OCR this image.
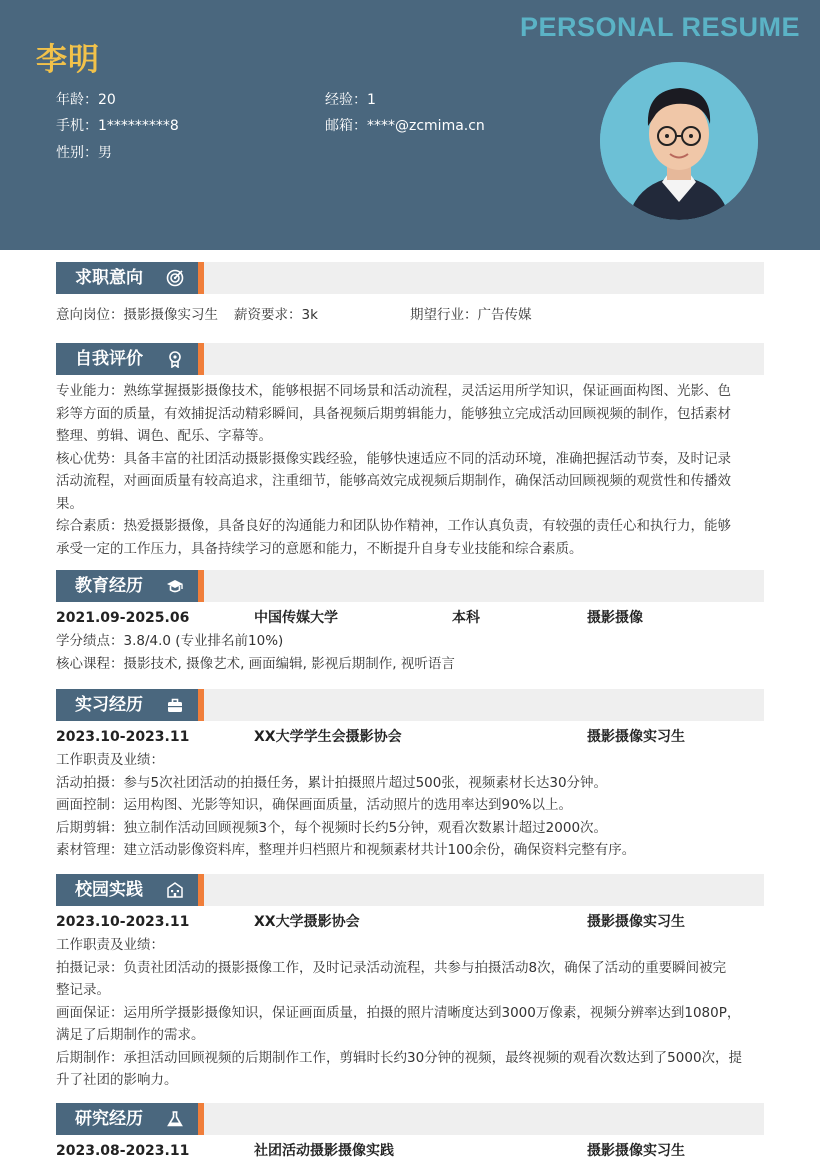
PERSONAL RESUME
李明
年龄：20	经验：1
手机：1*********8	邮箱：****@zcmima.cn
性别：男
求职意向
意向岗位：摄影摄像实习生 薪资要求：3k	期望行业：广告传媒
自我评价
专业能力：熟练掌握摄影摄像技术，能够根据不同场景和活动流程，灵活运用所学知识，保证画面构图、光影、色
彩等方面的质量，有效捕捉活动精彩瞬间，具备视频后期剪辑能力，能够独立完成活动回顾视频的制作，包括素材
整理、剪辑、调色、配乐、字幕等。
核心优势：具备丰富的社团活动摄影摄像实践经验，能够快速适应不同的活动环境，准确把握活动节奏，及时记录
活动流程，对画面质量有较高追求，注重细节，能够高效完成视频后期制作，确保活动回顾视频的观赏性和传播效
果。
综合素质：热爱摄影摄像，具备良好的沟通能力和团队协作精神，工作认真负责，有较强的责任心和执行力，能够
承受一定的工作压力，具备持续学习的意愿和能力，不断提升自身专业技能和综合素质。
教育经历
2021.09-2025.06	中国传媒大学	本科	摄影摄像
学分绩点：3.8/4.0 (专业排名前10%)
核心课程：摄影技术, 摄像艺术, 画面编辑, 影视后期制作, 视听语言
实习经历
2023.10-2023.11	XX大学学生会摄影协会	摄影摄像实习生
工作职责及业绩：
活动拍摄：参与5次社团活动的拍摄任务，累计拍摄照片超过500张，视频素材长达30分钟。
画面控制：运用构图、光影等知识，确保画面质量，活动照片的选用率达到90%以上。
后期剪辑：独立制作活动回顾视频3个，每个视频时长约5分钟，观看次数累计超过2000次。
素材管理：建立活动影像资料库，整理并归档照片和视频素材共计100余份，确保资料完整有序。
校园实践
2023.10-2023.11	XX大学摄影协会	摄影摄像实习生
工作职责及业绩：
拍摄记录：负责社团活动的摄影摄像工作，及时记录活动流程，共参与拍摄活动8次，确保了活动的重要瞬间被完
整记录。
画面保证：运用所学摄影摄像知识，保证画面质量，拍摄的照片清晰度达到3000万像素，视频分辨率达到1080P，
满足了后期制作的需求。
后期制作：承担活动回顾视频的后期制作工作，剪辑时长约30分钟的视频，最终视频的观看次数达到了5000次，提
升了社团的影响力。
研究经历
2023.08-2023.11	社团活动摄影摄像实践	摄影摄像实习生
